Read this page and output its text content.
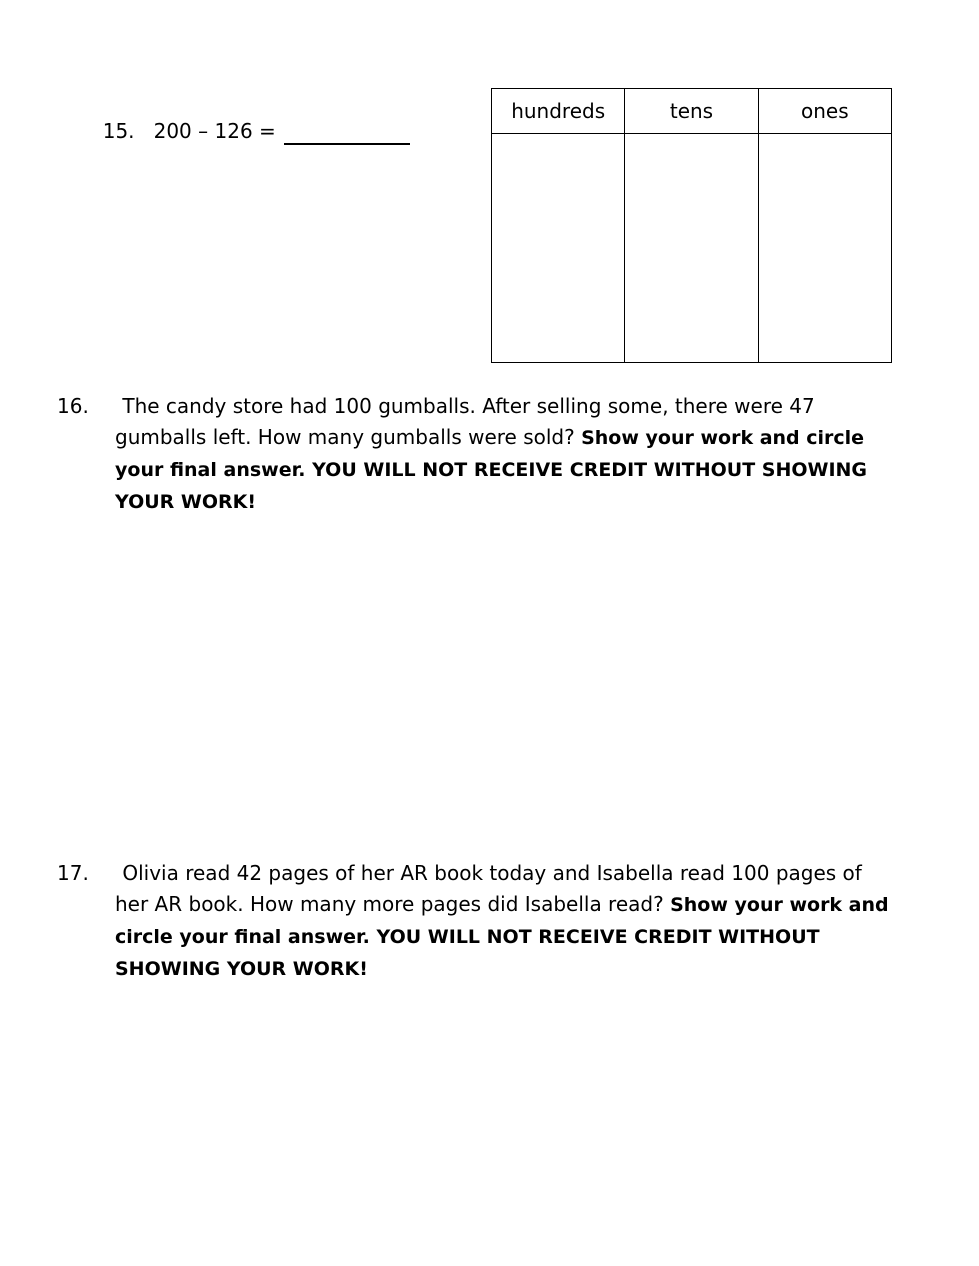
15. 200 – 126 =

hundreds	tens	ones

16. The candy store had 100 gumballs. After selling some, there were 47 gumballs left. How many gumballs were sold? Show your work and circle your final answer. YOU WILL NOT RECEIVE CREDIT WITHOUT SHOWING YOUR WORK!
17. Olivia read 42 pages of her AR book today and Isabella read 100 pages of her AR book. How many more pages did Isabella read? Show your work and circle your final answer. YOU WILL NOT RECEIVE CREDIT WITHOUT SHOWING YOUR WORK!
